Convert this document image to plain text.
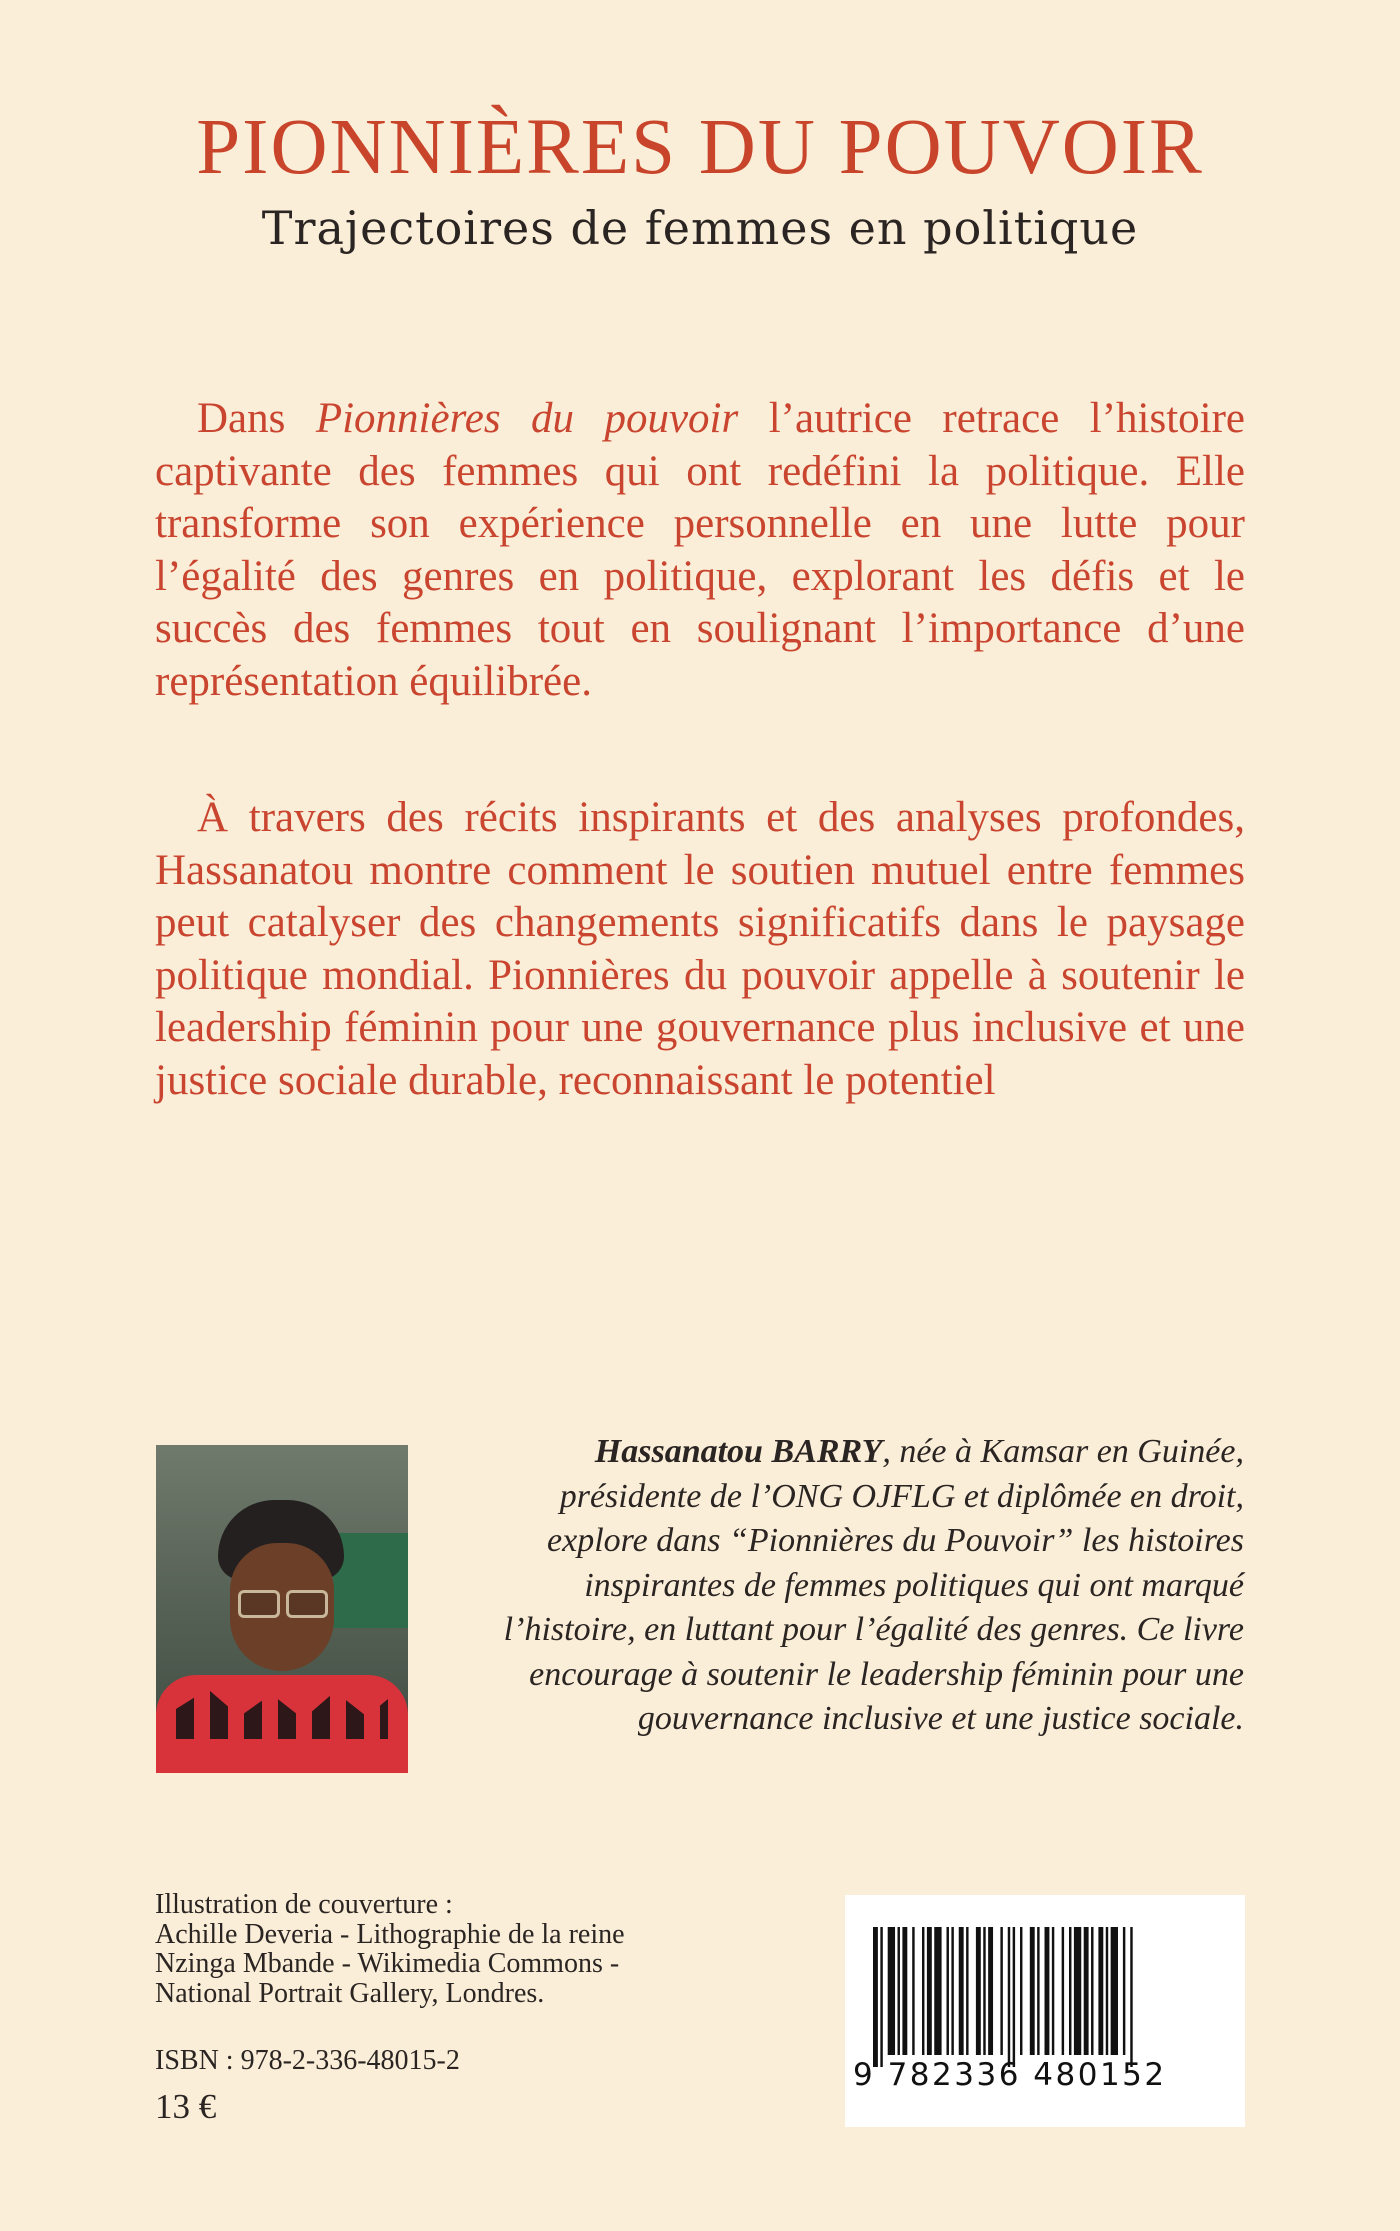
PIONNIÈRES DU POUVOIR
Trajectoires de femmes en politique

Dans Pionnières du pouvoir l’autrice retrace l’histoire captivante des femmes qui ont redéfini la politique. Elle transforme son expérience personnelle en une lutte pour l’égalité des genres en politique, explorant les défis et le succès des femmes tout en soulignant l’importance d’une représentation équilibrée.

À travers des récits inspirants et des analyses profondes, Hassanatou montre comment le soutien mutuel entre femmes peut catalyser des changements significatifs dans le paysage politique mondial. Pionnières du pouvoir appelle à soutenir le leadership féminin pour une gouvernance plus inclusive et une justice sociale durable, reconnaissant le potentiel

Hassanatou BARRY, née à Kamsar en Guinée, présidente de l’ONG OJFLG et diplômée en droit, explore dans “Pionnières du Pouvoir” les histoires inspirantes de femmes politiques qui ont marqué l’histoire, en luttant pour l’égalité des genres. Ce livre encourage à soutenir le leadership féminin pour une gouvernance inclusive et une justice sociale.

Illustration de couverture :
Achille Deveria - Lithographie de la reine
Nzinga Mbande - Wikimedia Commons -
National Portrait Gallery, Londres.

ISBN : 978-2-336-48015-2
13 €
9 782336 480152
